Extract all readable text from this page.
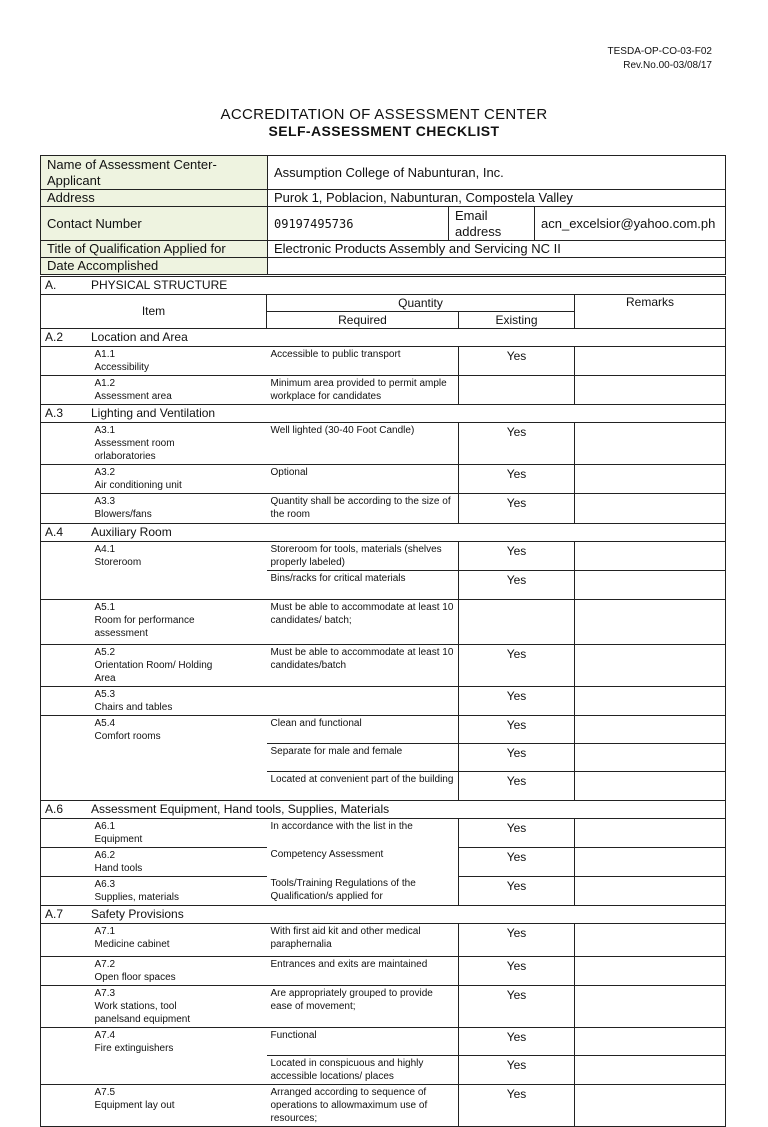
TESDA-OP-CO-03-F02
Rev.No.00-03/08/17
ACCREDITATION OF ASSESSMENT CENTER
SELF-ASSESSMENT CHECKLIST
Name of Assessment Center-Applicant	Assumption College of Nabunturan, Inc.		
Address	Purok 1, Poblacion, Nabunturan, Compostela Valley		
Contact Number	09197495736	Email address	acn_excelsior@yahoo.com.ph
Title of Qualification Applied for	Electronic Products Assembly and Servicing NC II		
Date Accomplished			
A. PHYSICAL STRUCTURE				
Item		Quantity		Remarks
		Required	Existing	
A.2 Location and Area				
	A1.1Accessibility	Accessible to public transport	Yes	
	A1.2Assessment area	Minimum area provided to permit ample workplace for candidates		
A.3 Lighting and Ventilation				
	A3.1Assessment room orlaboratories	Well lighted (30-40 Foot Candle)	Yes	
	A3.2Air conditioning unit	Optional	Yes	
	A3.3Blowers/fans	Quantity shall be according to the size of the room	Yes	
A.4 Auxiliary Room				
	A4.1Storeroom	Storeroom for tools, materials (shelves properly labeled)	Yes	
		Bins/racks for critical materials	Yes	
	A5.1Room for performance assessment	Must be able to accommodate at least 10 candidates/ batch;		
	A5.2Orientation Room/ Holding Area	Must be able to accommodate at least 10 candidates/batch	Yes	
	A5.3Chairs and tables		Yes	
	A5.4Comfort rooms	Clean and functional	Yes	
		Separate for male and female	Yes	
		Located at convenient part of the building	Yes	
A.6 Assessment Equipment, Hand tools, Supplies, Materials				
	A6.1Equipment	In accordance with the list in the	Yes	
	A6.2Hand tools	Competency Assessment	Yes	
	A6.3Supplies, materials	Tools/Training Regulations of the Qualification/s applied for	Yes	
A.7 Safety Provisions				
	A7.1Medicine cabinet	With first aid kit and other medical paraphernalia	Yes	
	A7.2Open floor spaces	Entrances and exits are maintained	Yes	
	A7.3Work stations, tool panelsand equipment	Are appropriately grouped to provide ease of movement;	Yes	
	A7.4Fire extinguishers	Functional	Yes	
		Located in conspicuous and highly accessible locations/ places	Yes	
	A7.5Equipment lay out	Arranged according to sequence of operations to allowmaximum use of resources;	Yes	
